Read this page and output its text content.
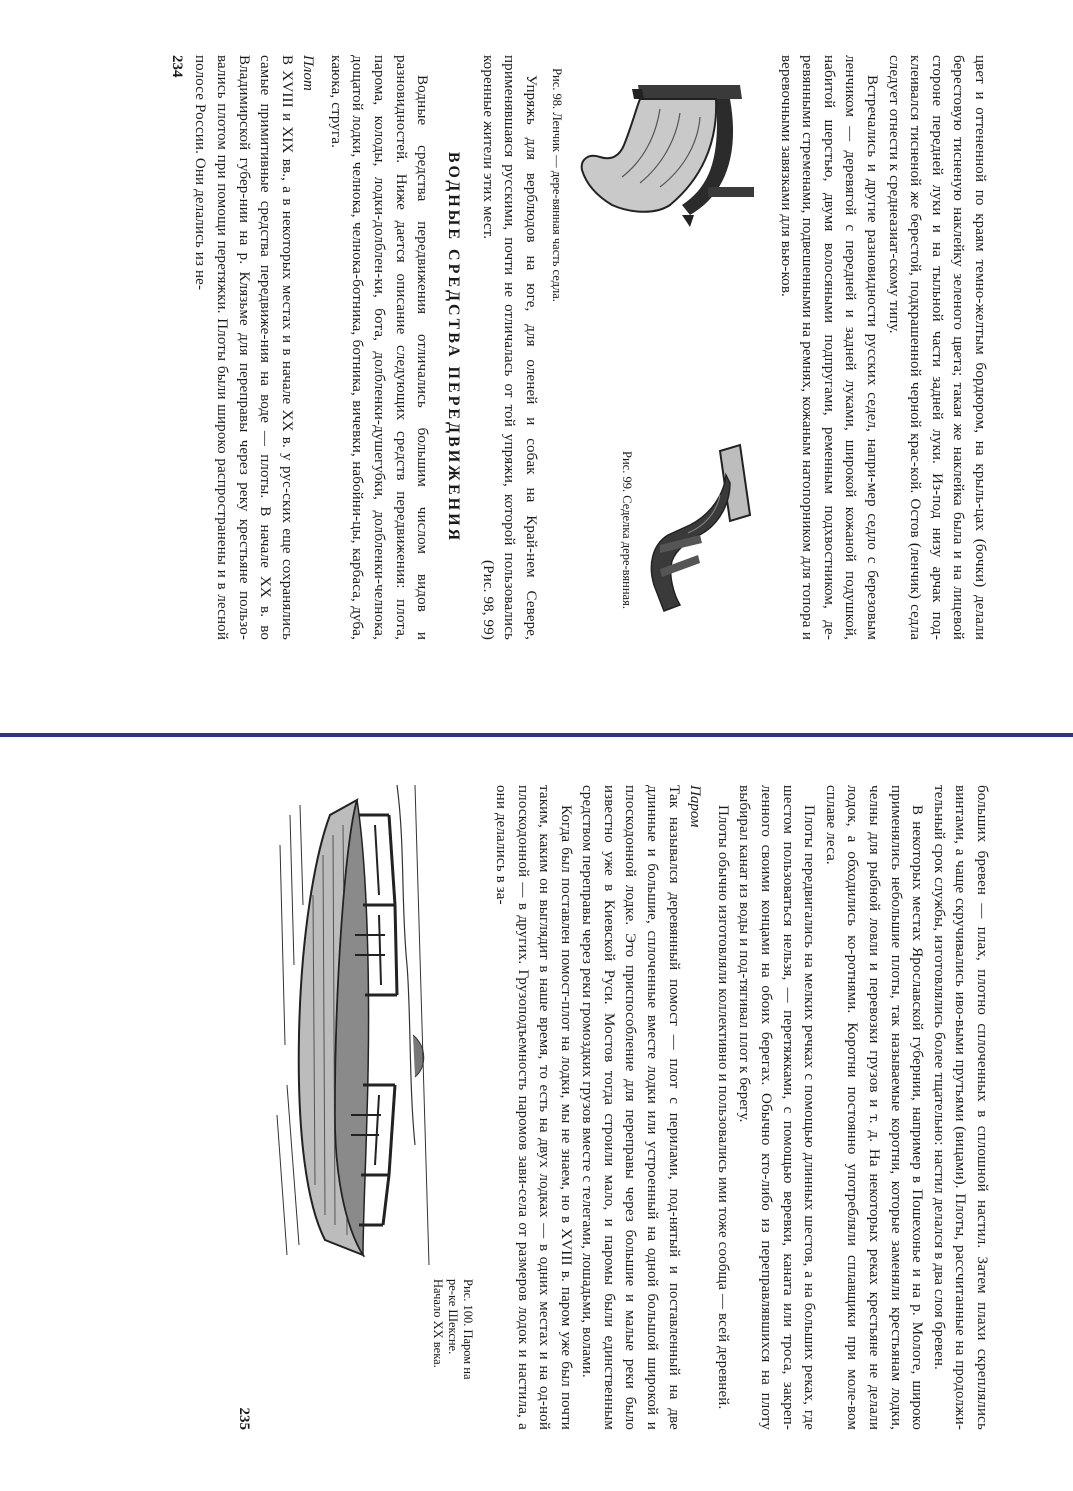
цвет и оттененной по краям темно-желтым бордюром, на крыль-цах (бочки) делали берестовую тисненую наклейку зеленого цвета; такая же наклейка была и на лицевой стороне передней луки и на тыльной части задней луки. Из-под низу арчак под-клеивался тисненой же берестой, подкрашенной черной крас-кой. Остов (ленчик) седла следует отнести к среднеазиат-скому типу.

Встречались и другие разновидности русских седел, напри-мер седло с березовым ленчиком — деревягой с передней и задней луками, широкой кожаной подушкой, набитой шерстью, двумя волосяными подпругами, ременным подхвостником, де-ревянными стременами, подвешенными на ремнях, кожаным натопорником для топора и веревочными завязками для вью-ков.

Рис. 98. Ленчик — дере-вянная часть седла.
Рис. 99. Седелка дере-вянная.

Упряжь для верблюдов на юге, для оленей и собак на Край-нем Севере, применявшаяся русскими, почти не отличалась от той упряжи, которой пользовались коренные жители этих мест.
(Рис. 98, 99)

ВОДНЫЕ СРЕДСТВА ПЕРЕДВИЖЕНИЯ

Водные средства передвижения отличались большим числом видов и разновидностей. Ниже дается описание следующих средств передвижения: плота, парома, колоды, лодки-долблен-ки, бота, долбленки-душегубки, долбленки-челнока, дощатой лодки, челнока, челнока-ботника, ботника, вичевки, набойни-цы, карбаса, дуба, каюка, струга.

Плот

В XVIII и XIX вв., а в некоторых местах и в начале XX в. у рус-ских еще сохранялись самые примитивные средства передвиже-ния на воде — плоты. В начале XX в. во Владимирской губер-нии на р. Клязьме для переправы через реку крестьяне пользо-вались плотом при помощи перетяжки. Плоты были широко распространены и в лесной полосе России. Они делались из не-

234

больших бревен — плах, плотно сплоченных в сплошной настил. Затем плахи скреплялись винтами, а чаще скручивались иво-выми прутьями (вицами). Плоты, рассчитанные на продолжи-тельный срок службы, изготовлялись более тщательно: настил делался в два слоя бревен.

В некоторых местах Ярославской губернии, например в Пошехонье и на р. Мологе, широко применялись небольшие плоты, так называемые коротни, которые заменяли крестьянам лодки, челны для рыбной ловли и перевозки грузов и т. д. На некоторых реках крестьяне не делали лодок, а обходились ко-ротнями. Коротни постоянно употребляли сплавщики при моле-вом сплаве леса.

Плоты передвигались на мелких речках с помощью длинных шестов, а на больших реках, где шестом пользоваться нельзя, — перетяжками, с помощью веревки, каната или троса, закреп-ленного своими концами на обоих берегах. Обычно кто-либо из переправлявшихся на плоту выбирал канат из воды и под-тягивал плот к берегу.

Плоты обычно изготовляли коллективно и пользовались ими тоже сообща — всей деревней.

Паром

Так назывался деревянный помост — плот с перилами, под-нятый и поставленный на две длинные и большие, сплоченные вместе лодки или устроенный на одной большой широкой и плоскодонной лодке. Это приспособление для переправы через большие и малые реки было известно уже в Киевской Руси. Мостов тогда строили мало, и паромы были единственным средством переправы через реки громоздких грузов вместе с телегами, лошадьми, волами.

Когда был поставлен помост-плот на лодки, мы не знаем, но в XVIII в. паром уже был почти таким, каким он выглядит в наше время, то есть на двух лодках — в одних местах и на од-ной плоскодонной — в других. Грузоподъемность паромов зави-села от размеров лодок и настила, а они делались в за-

Рис. 100. Паром на ре-ке Шексне. Начало XX века.
235
